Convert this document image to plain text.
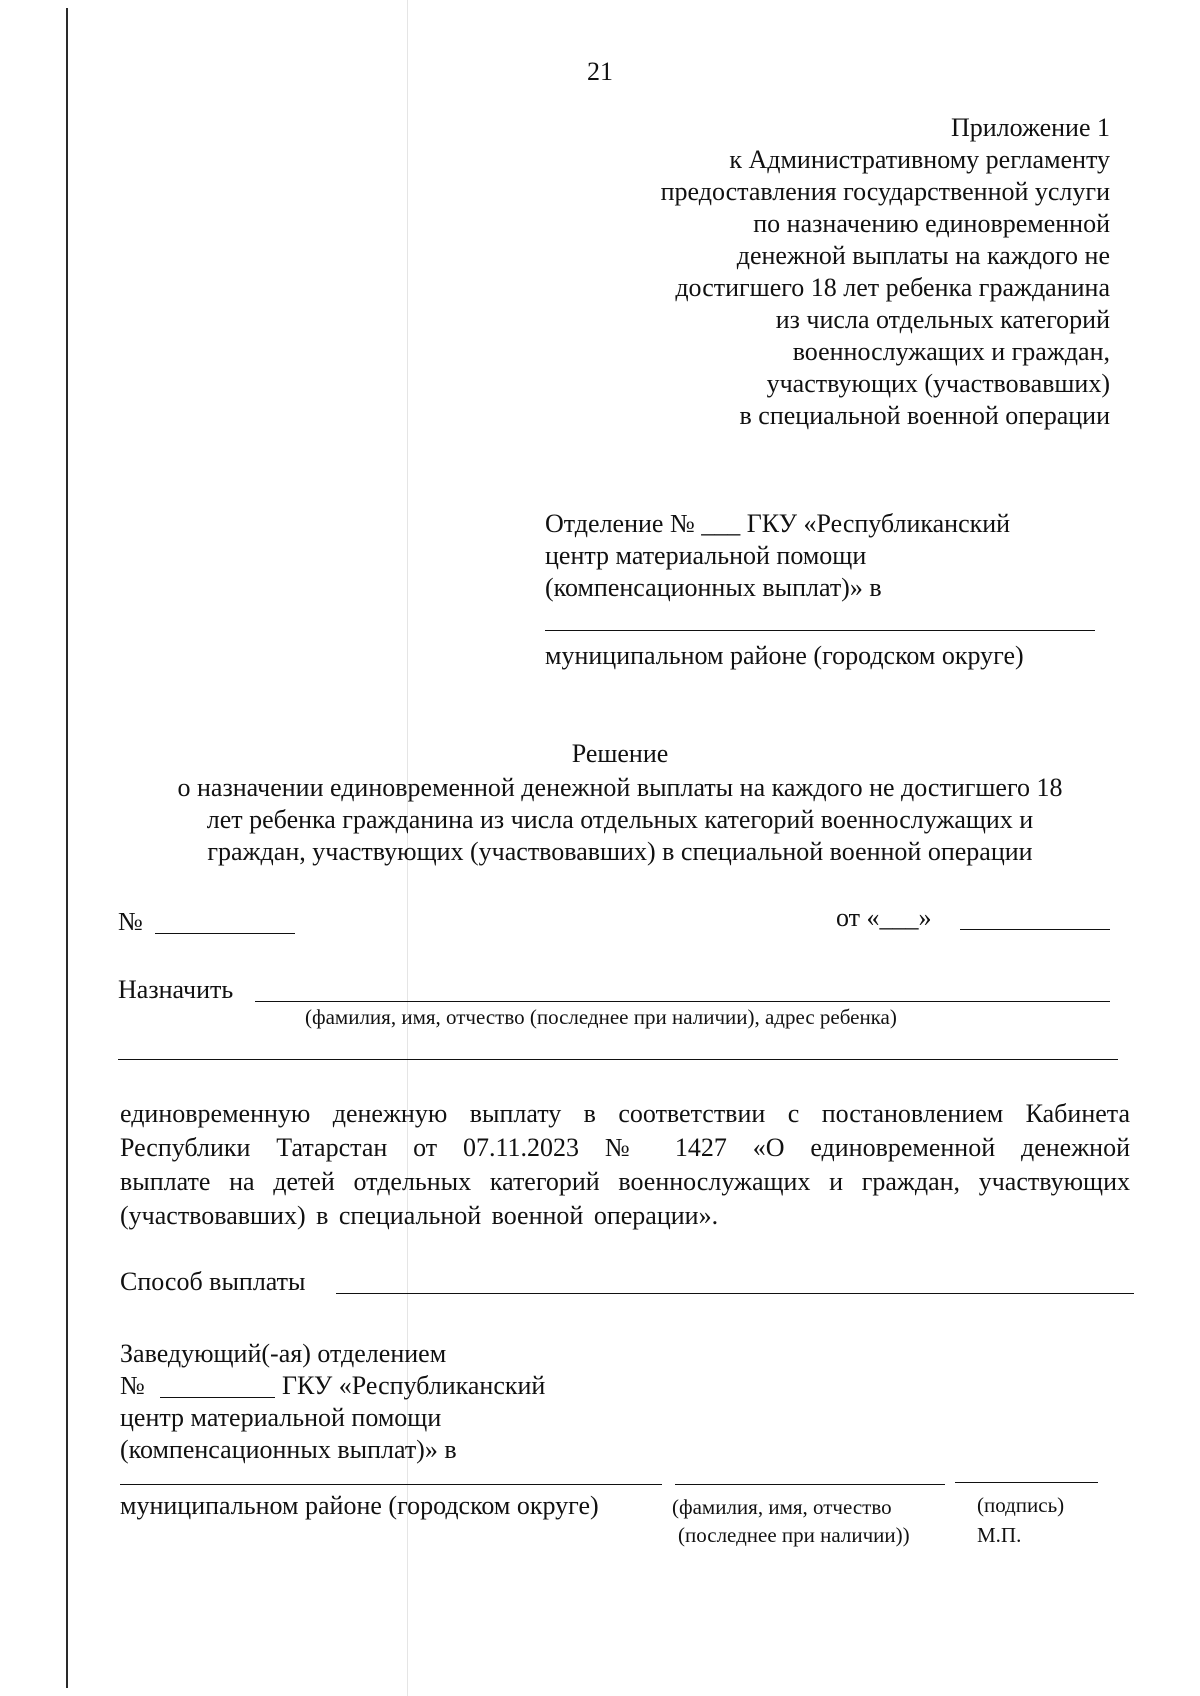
21
Приложение 1
к Административному регламенту
предоставления государственной услуги
по назначению единовременной
денежной выплаты на каждого не
достигшего 18 лет ребенка гражданина
из числа отдельных категорий
военнослужащих и граждан,
участвующих (участвовавших)
в специальной военной операции
Отделение № ___ ГКУ «Республиканский
центр материальной помощи
(компенсационных выплат)» в
муниципальном районе (городском округе)
Решение
о назначении единовременной денежной выплаты на каждого не достигшего 18
лет ребенка гражданина из числа отдельных категорий военнослужащих и
граждан, участвующих (участвовавших) в специальной военной операции
№	от «___»
Назначить
(фамилия, имя, отчество (последнее при наличии), адрес ребенка)
единовременную денежную выплату в соответствии с постановлением Кабинета
Республики Татарстан от 07.11.2023 № 1427 «О единовременной денежной
выплате на детей отдельных категорий военнослужащих и граждан, участвующих
(участвовавших) в специальной военной операции».
Способ выплаты
Заведующий(-ая) отделением
№	ГКУ «Республиканский
центр материальной помощи
(компенсационных выплат)» в
муниципальном районе (городском округе)	(фамилия, имя, отчество
(последнее при наличии))
(подпись)
М.П.
